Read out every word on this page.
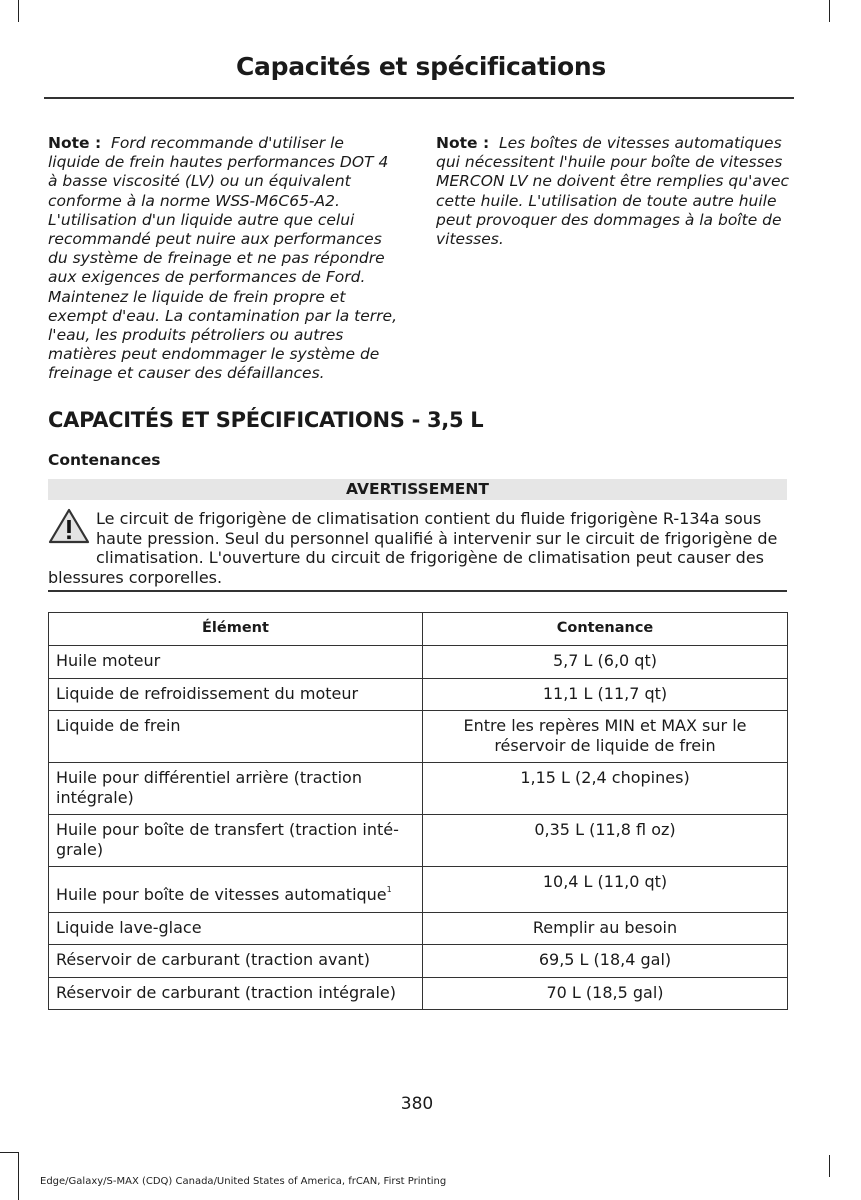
Capacités et spécifications
Note : Ford recommande d'utiliser le liquide de frein hautes performances DOT 4 à basse viscosité (LV) ou un équivalent conforme à la norme WSS-M6C65-A2. L'utilisation d'un liquide autre que celui recommandé peut nuire aux performances du système de freinage et ne pas répondre aux exigences de performances de Ford. Maintenez le liquide de frein propre et exempt d'eau. La contamination par la terre, l'eau, les produits pétroliers ou autres matières peut endommager le système de freinage et causer des défaillances.
Note : Les boîtes de vitesses automatiques qui nécessitent l'huile pour boîte de vitesses MERCON LV ne doivent être remplies qu'avec cette huile. L'utilisation de toute autre huile peut provoquer des dommages à la boîte de vitesses.
CAPACITÉS ET SPÉCIFICATIONS - 3,5 L
Contenances
AVERTISSEMENT
Le circuit de frigorigène de climatisation contient du fluide frigorigène R-134a sous haute pression. Seul du personnel qualifié à intervenir sur le circuit de frigorigène de climatisation. L'ouverture du circuit de frigorigène de climatisation peut causer des blessures corporelles.
Élément	Contenance
Huile moteur	5,7 L (6,0 qt)
Liquide de refroidissement du moteur	11,1 L (11,7 qt)
Liquide de frein	Entre les repères MIN et MAX sur le réservoir de liquide de frein
Huile pour différentiel arrière (traction intégrale)	1,15 L (2,4 chopines)
Huile pour boîte de transfert (traction inté-grale)	0,35 L (11,8 fl oz)
Huile pour boîte de vitesses automatique$^1$	10,4 L (11,0 qt)
Liquide lave-glace	Remplir au besoin
Réservoir de carburant (traction avant)	69,5 L (18,4 gal)
Réservoir de carburant (traction intégrale)	70 L (18,5 gal)
380
Edge/Galaxy/S-MAX (CDQ) Canada/United States of America, frCAN, First Printing
